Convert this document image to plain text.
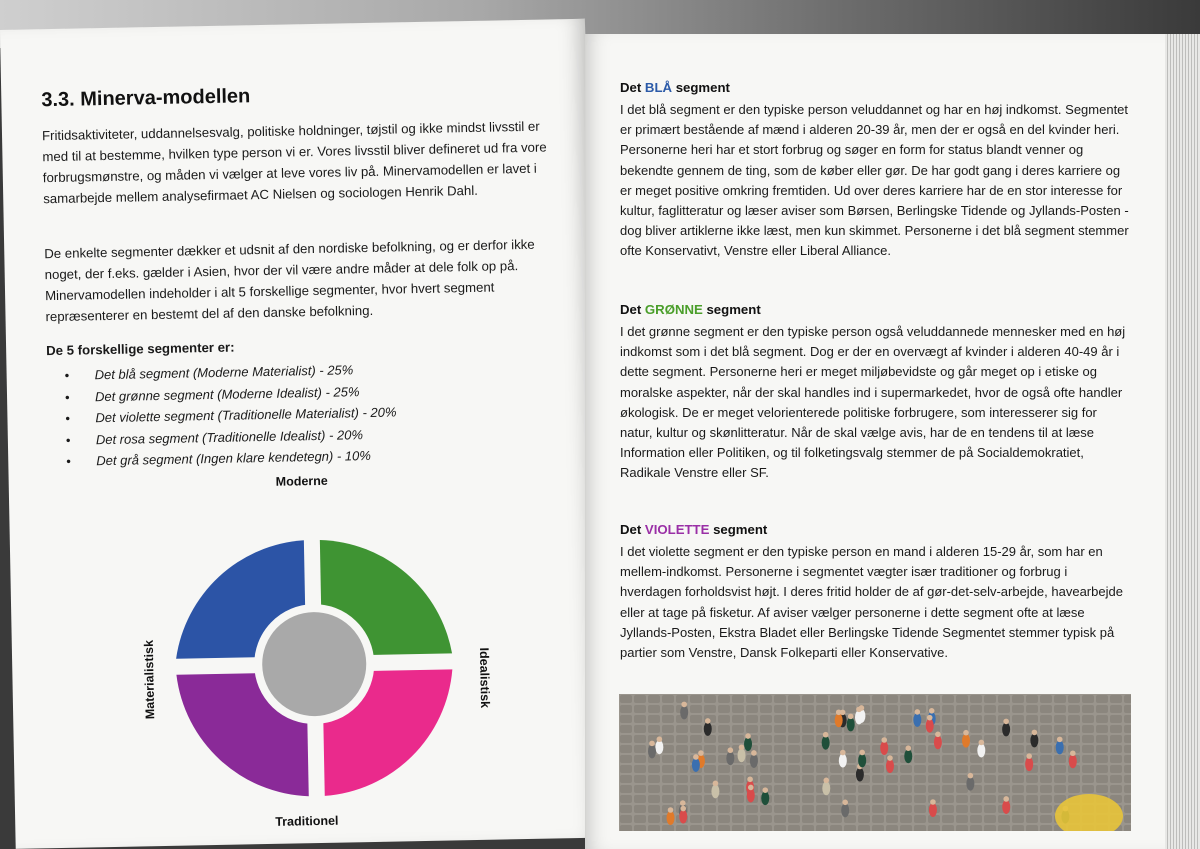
3.3. Minerva-modellen

Fritidsaktiviteter, uddannelsesvalg, politiske holdninger, tøjstil og ikke mindst livsstil er med til at bestemme, hvilken type person vi er. Vores livsstil bliver defineret ud fra vore forbrugsmønstre, og måden vi vælger at leve vores liv på. Minervamodellen er lavet i samarbejde mellem analysefirmaet AC Nielsen og sociologen Henrik Dahl.

De enkelte segmenter dækker et udsnit af den nordiske befolkning, og er derfor ikke noget, der f.eks. gælder i Asien, hvor der vil være andre måder at dele folk op på. Minervamodellen indeholder i alt 5 forskellige segmenter, hvor hvert segment repræsenterer en bestemt del af den danske befolkning.

De 5 forskellige segmenter er:
• Det blå segment (Moderne Materialist) - 25%
• Det grønne segment (Moderne Idealist) - 25%
• Det violette segment (Traditionelle Materialist) - 20%
• Det rosa segment (Traditionelle Idealist) - 20%
• Det grå segment (Ingen klare kendetegn) - 10%
Moderne
Materialistisk	Idealistisk
Traditionel
Det BLÅ segment

I det blå segment er den typiske person veluddannet og har en høj indkomst. Segmentet er primært bestående af mænd i alderen 20-39 år, men der er også en del kvinder heri. Personerne heri har et stort forbrug og søger en form for status blandt venner og bekendte gennem de ting, som de køber eller gør. De har godt gang i deres karriere og er meget positive omkring fremtiden. Ud over deres karriere har de en stor interesse for kultur, faglitteratur og læser aviser som Børsen, Berlingske Tidende og Jyllands-Posten - dog bliver artiklerne ikke læst, men kun skimmet. Personerne i det blå segment stemmer ofte Konservativt, Venstre eller Liberal Alliance.

Det GRØNNE segment

I det grønne segment er den typiske person også veluddannede mennesker med en høj indkomst som i det blå segment. Dog er der en overvægt af kvinder i alderen 40-49 år i dette segment. Personerne heri er meget miljøbevidste og går meget op i etiske og moralske aspekter, når der skal handles ind i supermarkedet, hvor de også ofte handler økologisk. De er meget velorienterede politiske forbrugere, som interesserer sig for natur, kultur og skønlitteratur. Når de skal vælge avis, har de en tendens til at læse Information eller Politiken, og til folketingsvalg stemmer de på Socialdemokratiet, Radikale Venstre eller SF.

Det VIOLETTE segment

I det violette segment er den typiske person en mand i alderen 15-29 år, som har en mellem-indkomst. Personerne i segmentet vægter især traditioner og forbrug i hverdagen forholdsvist højt. I deres fritid holder de af gør-det-selv-arbejde, havearbejde eller at tage på fisketur. Af aviser vælger personerne i dette segment ofte at læse Jyllands-Posten, Ekstra Bladet eller Berlingske Tidende Segmentet stemmer typisk på partier som Venstre, Dansk Folkeparti eller Konservative.
